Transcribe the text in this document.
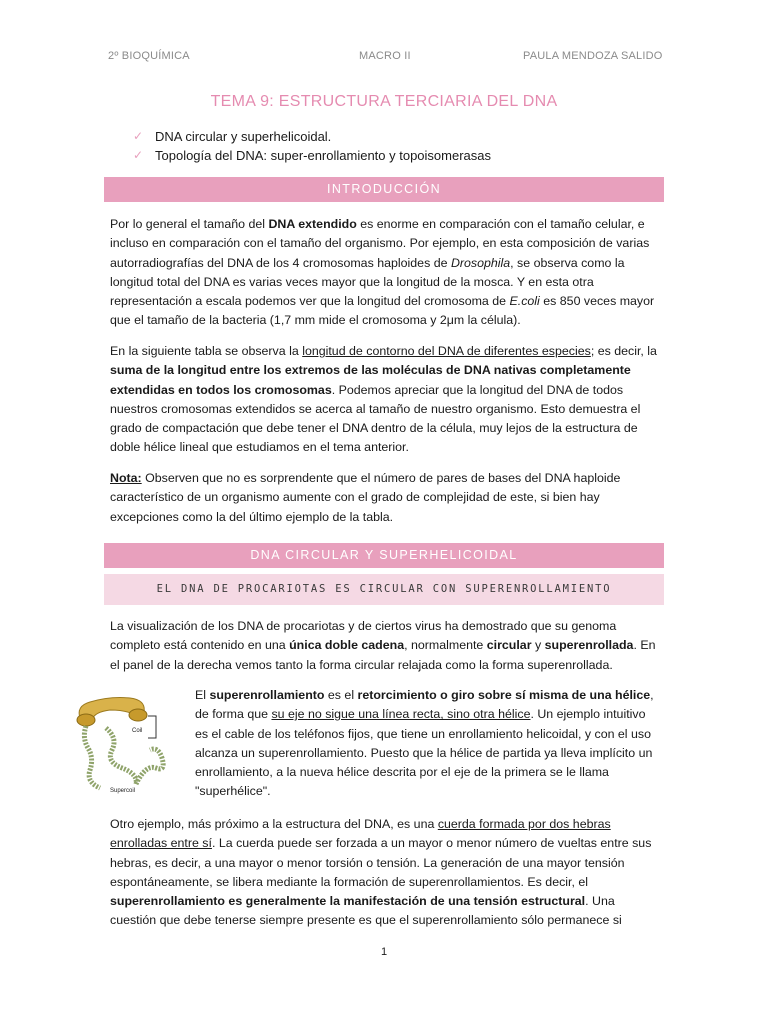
2º BIOQUÍMICA	MACRO II	PAULA MENDOZA SALIDO
TEMA 9: ESTRUCTURA TERCIARIA DEL DNA
✓ DNA circular y superhelicoidal.
✓ Topología del DNA: super-enrollamiento y topoisomerasas
INTRODUCCIÓN

Por lo general el tamaño del DNA extendido es enorme en comparación con el tamaño celular, e incluso en comparación con el tamaño del organismo. Por ejemplo, en esta composición de varias autorradiografías del DNA de los 4 cromosomas haploides de Drosophila, se observa como la longitud total del DNA es varias veces mayor que la longitud de la mosca. Y en esta otra representación a escala podemos ver que la longitud del cromosoma de E.coli es 850 veces mayor que el tamaño de la bacteria (1,7 mm mide el cromosoma y 2μm la célula).

En la siguiente tabla se observa la longitud de contorno del DNA de diferentes especies; es decir, la suma de la longitud entre los extremos de las moléculas de DNA nativas completamente extendidas en todos los cromosomas. Podemos apreciar que la longitud del DNA de todos nuestros cromosomas extendidos se acerca al tamaño de nuestro organismo. Esto demuestra el grado de compactación que debe tener el DNA dentro de la célula, muy lejos de la estructura de doble hélice lineal que estudiamos en el tema anterior.

Nota: Observen que no es sorprendente que el número de pares de bases del DNA haploide característico de un organismo aumente con el grado de complejidad de este, si bien hay excepciones como la del último ejemplo de la tabla.

DNA CIRCULAR Y SUPERHELICOIDAL
EL DNA DE PROCARIOTAS ES CIRCULAR CON SUPERENROLLAMIENTO

La visualización de los DNA de procariotas y de ciertos virus ha demostrado que su genoma completo está contenido en una única doble cadena, normalmente circular y superenrollada. En el panel de la derecha vemos tanto la forma circular relajada como la forma superenrollada.

Coil
Supercoil

El superenrollamiento es el retorcimiento o giro sobre sí misma de una hélice, de forma que su eje no sigue una línea recta, sino otra hélice. Un ejemplo intuitivo es el cable de los teléfonos fijos, que tiene un enrollamiento helicoidal, y con el uso alcanza un superenrollamiento. Puesto que la hélice de partida ya lleva implícito un enrollamiento, a la nueva hélice descrita por el eje de la primera se le llama "superhélice".

Otro ejemplo, más próximo a la estructura del DNA, es una cuerda formada por dos hebras enrolladas entre sí. La cuerda puede ser forzada a un mayor o menor número de vueltas entre sus hebras, es decir, a una mayor o menor torsión o tensión. La generación de una mayor tensión espontáneamente, se libera mediante la formación de superenrollamientos. Es decir, el superenrollamiento es generalmente la manifestación de una tensión estructural. Una cuestión que debe tenerse siempre presente es que el superenrollamiento sólo permanece si

1
